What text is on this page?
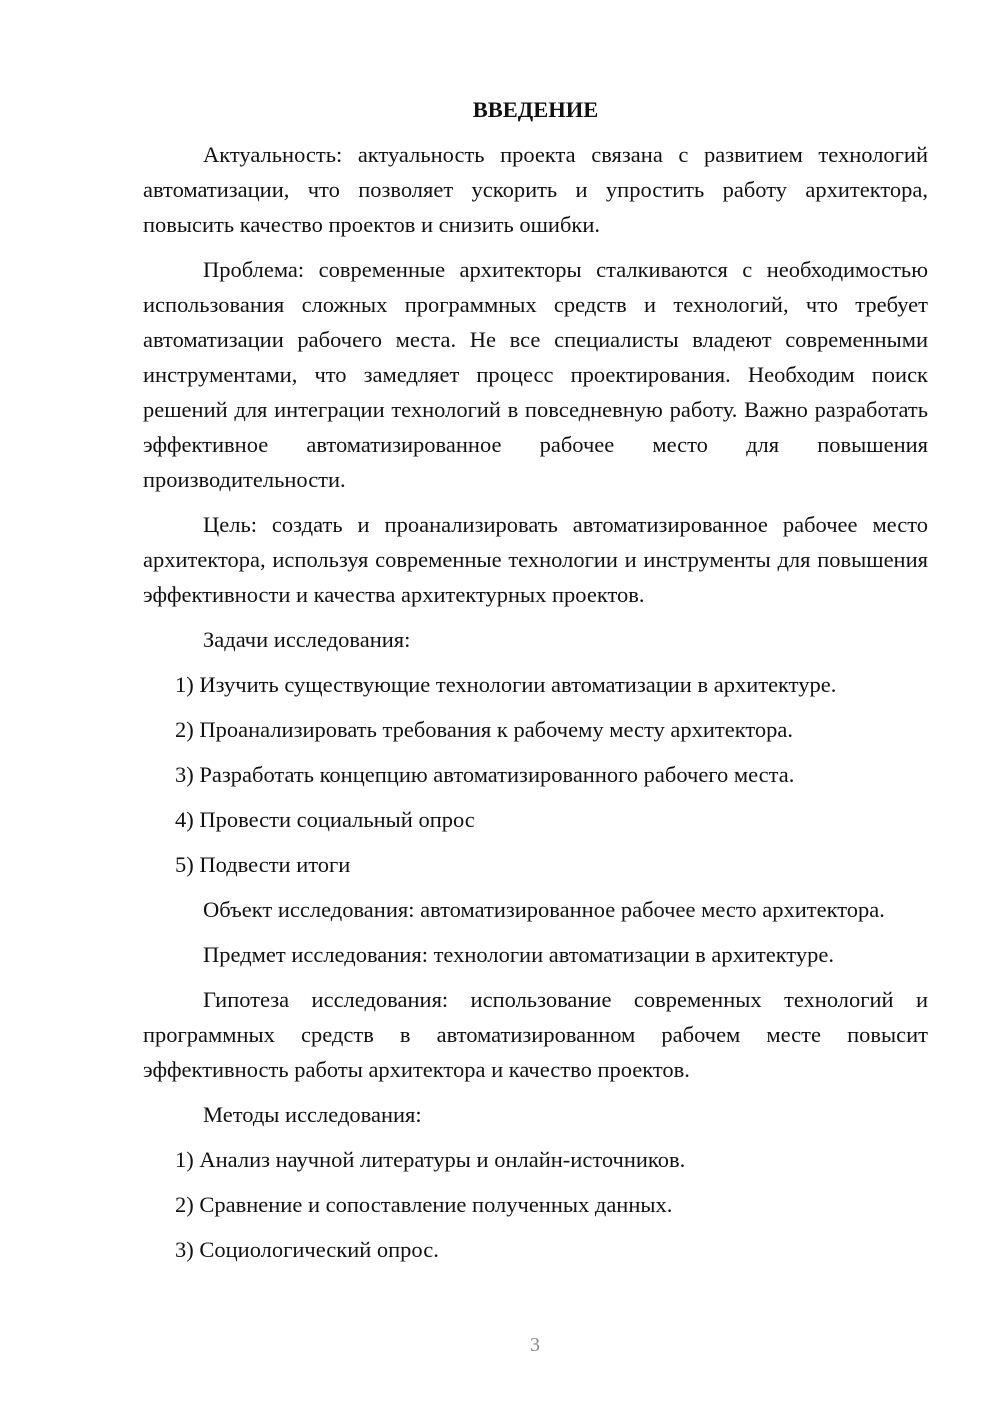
ВВЕДЕНИЕ
Актуальность: актуальность проекта связана с развитием технологий автоматизации, что позволяет ускорить и упростить работу архитектора, повысить качество проектов и снизить ошибки.
Проблема: современные архитекторы сталкиваются с необходимостью использования сложных программных средств и технологий, что требует автоматизации рабочего места. Не все специалисты владеют современными инструментами, что замедляет процесс проектирования. Необходим поиск решений для интеграции технологий в повседневную работу. Важно разработать эффективное автоматизированное рабочее место для повышения производительности.
Цель: создать и проанализировать автоматизированное рабочее место архитектора, используя современные технологии и инструменты для повышения эффективности и качества архитектурных проектов.
Задачи исследования:
1) Изучить существующие технологии автоматизации в архитектуре.
2) Проанализировать требования к рабочему месту архитектора.
3) Разработать концепцию автоматизированного рабочего места.
4) Провести социальный опрос
5) Подвести итоги
Объект исследования: автоматизированное рабочее место архитектора.
Предмет исследования: технологии автоматизации в архитектуре.
Гипотеза исследования: использование современных технологий и программных средств в автоматизированном рабочем месте повысит эффективность работы архитектора и качество проектов.
Методы исследования:
1) Анализ научной литературы и онлайн-источников.
2) Сравнение и сопоставление полученных данных.
3) Социологический опрос.
3
